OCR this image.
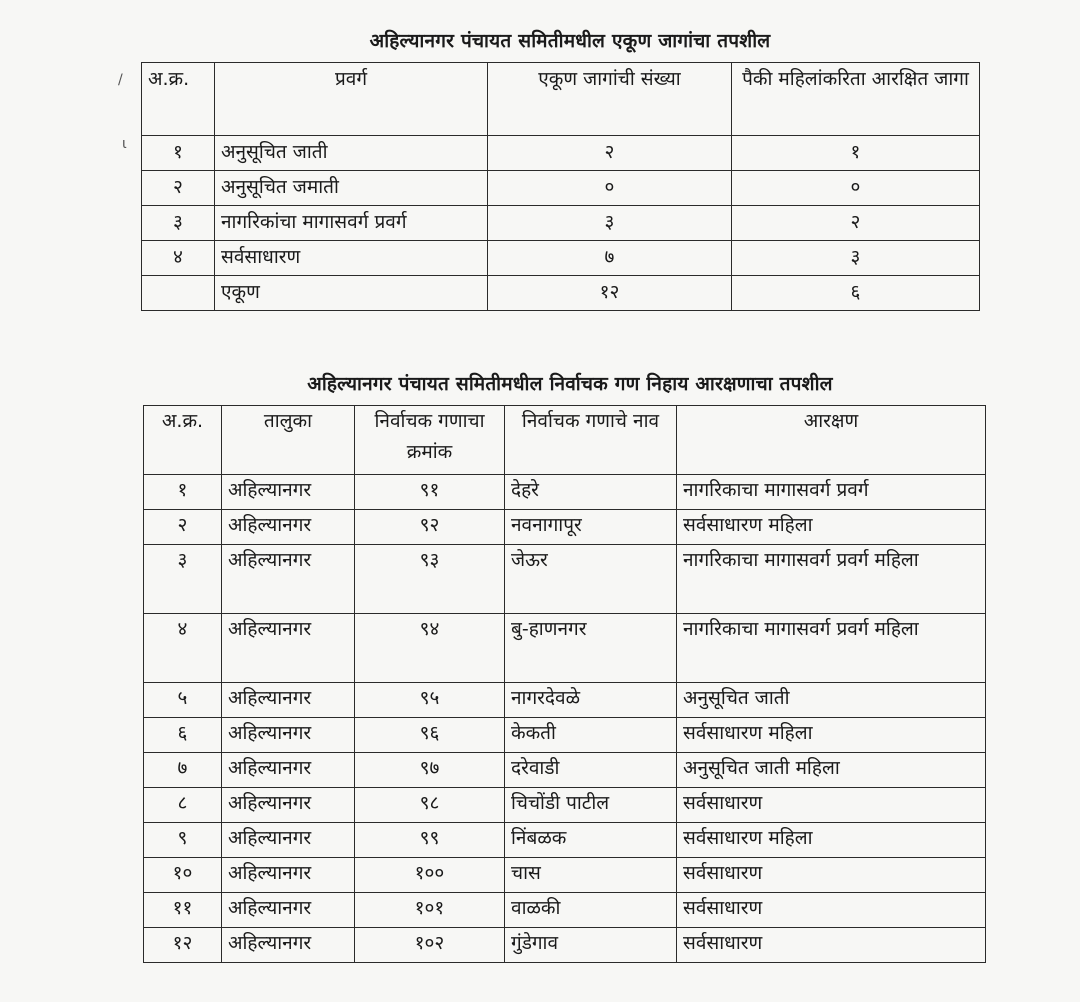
अहिल्यानगर पंचायत समितीमधील एकूण जागांचा तपशील
अ.क्र.	प्रवर्ग	एकूण जागांची संख्या	पैकी महिलांकरिता आरक्षित जागा
१	अनुसूचित जाती	२	१
२	अनुसूचित जमाती	०	०
३	नागरिकांचा मागासवर्ग प्रवर्ग	३	२
४	सर्वसाधारण	७	३
	एकूण	१२	६
अहिल्यानगर पंचायत समितीमधील निर्वाचक गण निहाय आरक्षणाचा तपशील
अ.क्र.	तालुका	निर्वाचक गणाचा क्रमांक	निर्वाचक गणाचे नाव	आरक्षण
१	अहिल्यानगर	९१	देहरे	नागरिकाचा मागासवर्ग प्रवर्ग
२	अहिल्यानगर	९२	नवनागापूर	सर्वसाधारण महिला
३	अहिल्यानगर	९३	जेऊर	नागरिकाचा मागासवर्ग प्रवर्ग महिला
४	अहिल्यानगर	९४	बु-हाणनगर	नागरिकाचा मागासवर्ग प्रवर्ग महिला
५	अहिल्यानगर	९५	नागरदेवळे	अनुसूचित जाती
६	अहिल्यानगर	९६	केकती	सर्वसाधारण महिला
७	अहिल्यानगर	९७	दरेवाडी	अनुसूचित जाती महिला
८	अहिल्यानगर	९८	चिचोंडी पाटील	सर्वसाधारण
९	अहिल्यानगर	९९	निंबळक	सर्वसाधारण महिला
१०	अहिल्यानगर	१००	चास	सर्वसाधारण
११	अहिल्यानगर	१०१	वाळकी	सर्वसाधारण
१२	अहिल्यानगर	१०२	गुंडेगाव	सर्वसाधारण
/
ɩ
